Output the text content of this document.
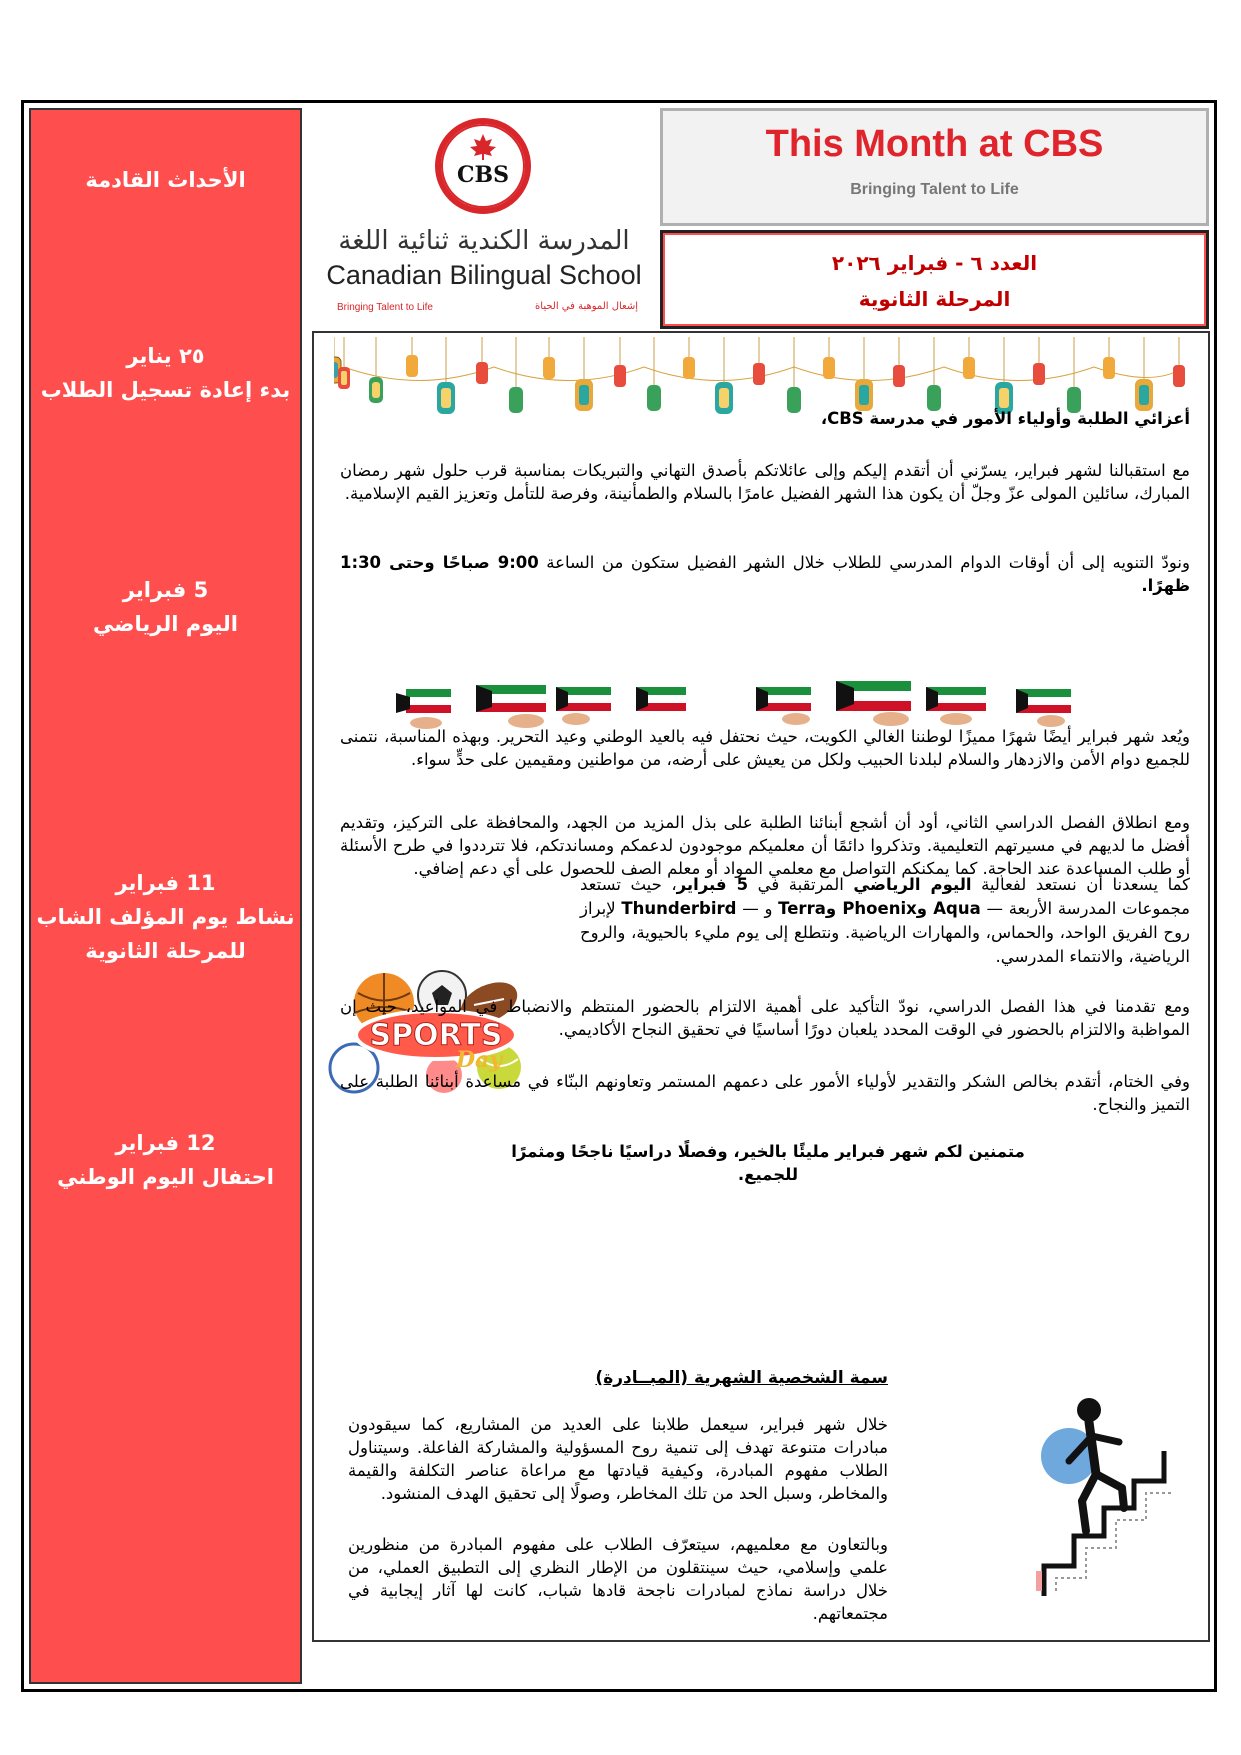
الأحداث القادمة
٢٥ يناير
بدء إعادة تسجيل الطلاب
5 فبراير
اليوم الرياضي
11 فبراير
نشاط يوم المؤلف الشاب
للمرحلة الثانوية
12 فبراير
احتفال اليوم الوطني
CBS
المدرسة الكندية ثنائية اللغة
Canadian Bilingual School
Bringing Talent to Life	إشعال الموهبة في الحياة
This Month at CBS
Bringing Talent to Life
العدد ٦ - فبراير ٢٠٢٦
المرحلة الثانوية
أعزائي الطلبة وأولياء الأمور في مدرسة CBS،
مع استقبالنا لشهر فبراير، يسرّني أن أتقدم إليكم وإلى عائلاتكم بأصدق التهاني والتبريكات بمناسبة قرب حلول شهر رمضان المبارك، سائلين المولى عزّ وجلّ أن يكون هذا الشهر الفضيل عامرًا بالسلام والطمأنينة، وفرصة للتأمل وتعزيز القيم الإسلامية.
ونودّ التنويه إلى أن أوقات الدوام المدرسي للطلاب خلال الشهر الفضيل ستكون من الساعة 9:00 صباحًا وحتى 1:30 ظهرًا.
ويُعد شهر فبراير أيضًا شهرًا مميزًا لوطننا الغالي الكويت، حيث نحتفل فيه بالعيد الوطني وعيد التحرير. وبهذه المناسبة، نتمنى للجميع دوام الأمن والازدهار والسلام لبلدنا الحبيب ولكل من يعيش على أرضه، من مواطنين ومقيمين على حدٍّ سواء.
ومع انطلاق الفصل الدراسي الثاني، أود أن أشجع أبنائنا الطلبة على بذل المزيد من الجهد، والمحافظة على التركيز، وتقديم أفضل ما لديهم في مسيرتهم التعليمية. وتذكروا دائمًا أن معلميكم موجودون لدعمكم ومساندتكم، فلا تترددوا في طرح الأسئلة أو طلب المساعدة عند الحاجة. كما يمكنكم التواصل مع معلمي المواد أو معلم الصف للحصول على أي دعم إضافي.
SPORTS
Day
كما يسعدنا أن نستعد لفعالية اليوم الرياضي المرتقبة في 5 فبراير، حيث تستعد مجموعات المدرسة الأربعة — Aqua وPhoenix وTerra و — Thunderbird لإبراز روح الفريق الواحد، والحماس، والمهارات الرياضية. ونتطلع إلى يوم مليء بالحيوية، والروح الرياضية، والانتماء المدرسي.
ومع تقدمنا في هذا الفصل الدراسي، نودّ التأكيد على أهمية الالتزام بالحضور المنتظم والانضباط في المواعيد، حيث إن المواظبة والالتزام بالحضور في الوقت المحدد يلعبان دورًا أساسيًا في تحقيق النجاح الأكاديمي.
وفي الختام، أتقدم بخالص الشكر والتقدير لأولياء الأمور على دعمهم المستمر وتعاونهم البنّاء في مساعدة أبنائنا الطلبة على التميز والنجاح.
متمنين لكم شهر فبراير مليئًا بالخير، وفصلًا دراسيًا ناجحًا ومثمرًا للجميع.
سمة الشخصية الشهرية (المبــادرة)
خلال شهر فبراير، سيعمل طلابنا على العديد من المشاريع، كما سيقودون مبادرات متنوعة تهدف إلى تنمية روح المسؤولية والمشاركة الفاعلة. وسيتناول الطلاب مفهوم المبادرة، وكيفية قيادتها مع مراعاة عناصر التكلفة والقيمة والمخاطر، وسبل الحد من تلك المخاطر، وصولًا إلى تحقيق الهدف المنشود.
وبالتعاون مع معلميهم، سيتعرّف الطلاب على مفهوم المبادرة من منظورين علمي وإسلامي، حيث سينتقلون من الإطار النظري إلى التطبيق العملي، من خلال دراسة نماذج لمبادرات ناجحة قادها شباب، كانت لها آثار إيجابية في مجتمعاتهم.
